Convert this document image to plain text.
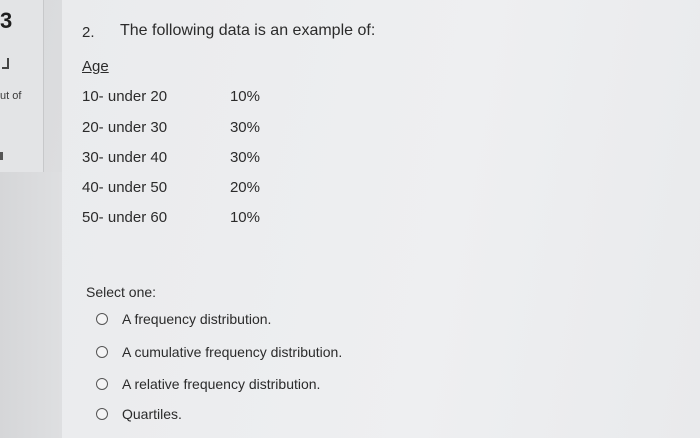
3
ut of
2. The following data is an example of:
Age
10- under 20	10%
20- under 30	30%
30- under 40	30%
40- under 50	20%
50- under 60	10%
Select one:
A frequency distribution.
A cumulative frequency distribution.
A relative frequency distribution.
Quartiles.
